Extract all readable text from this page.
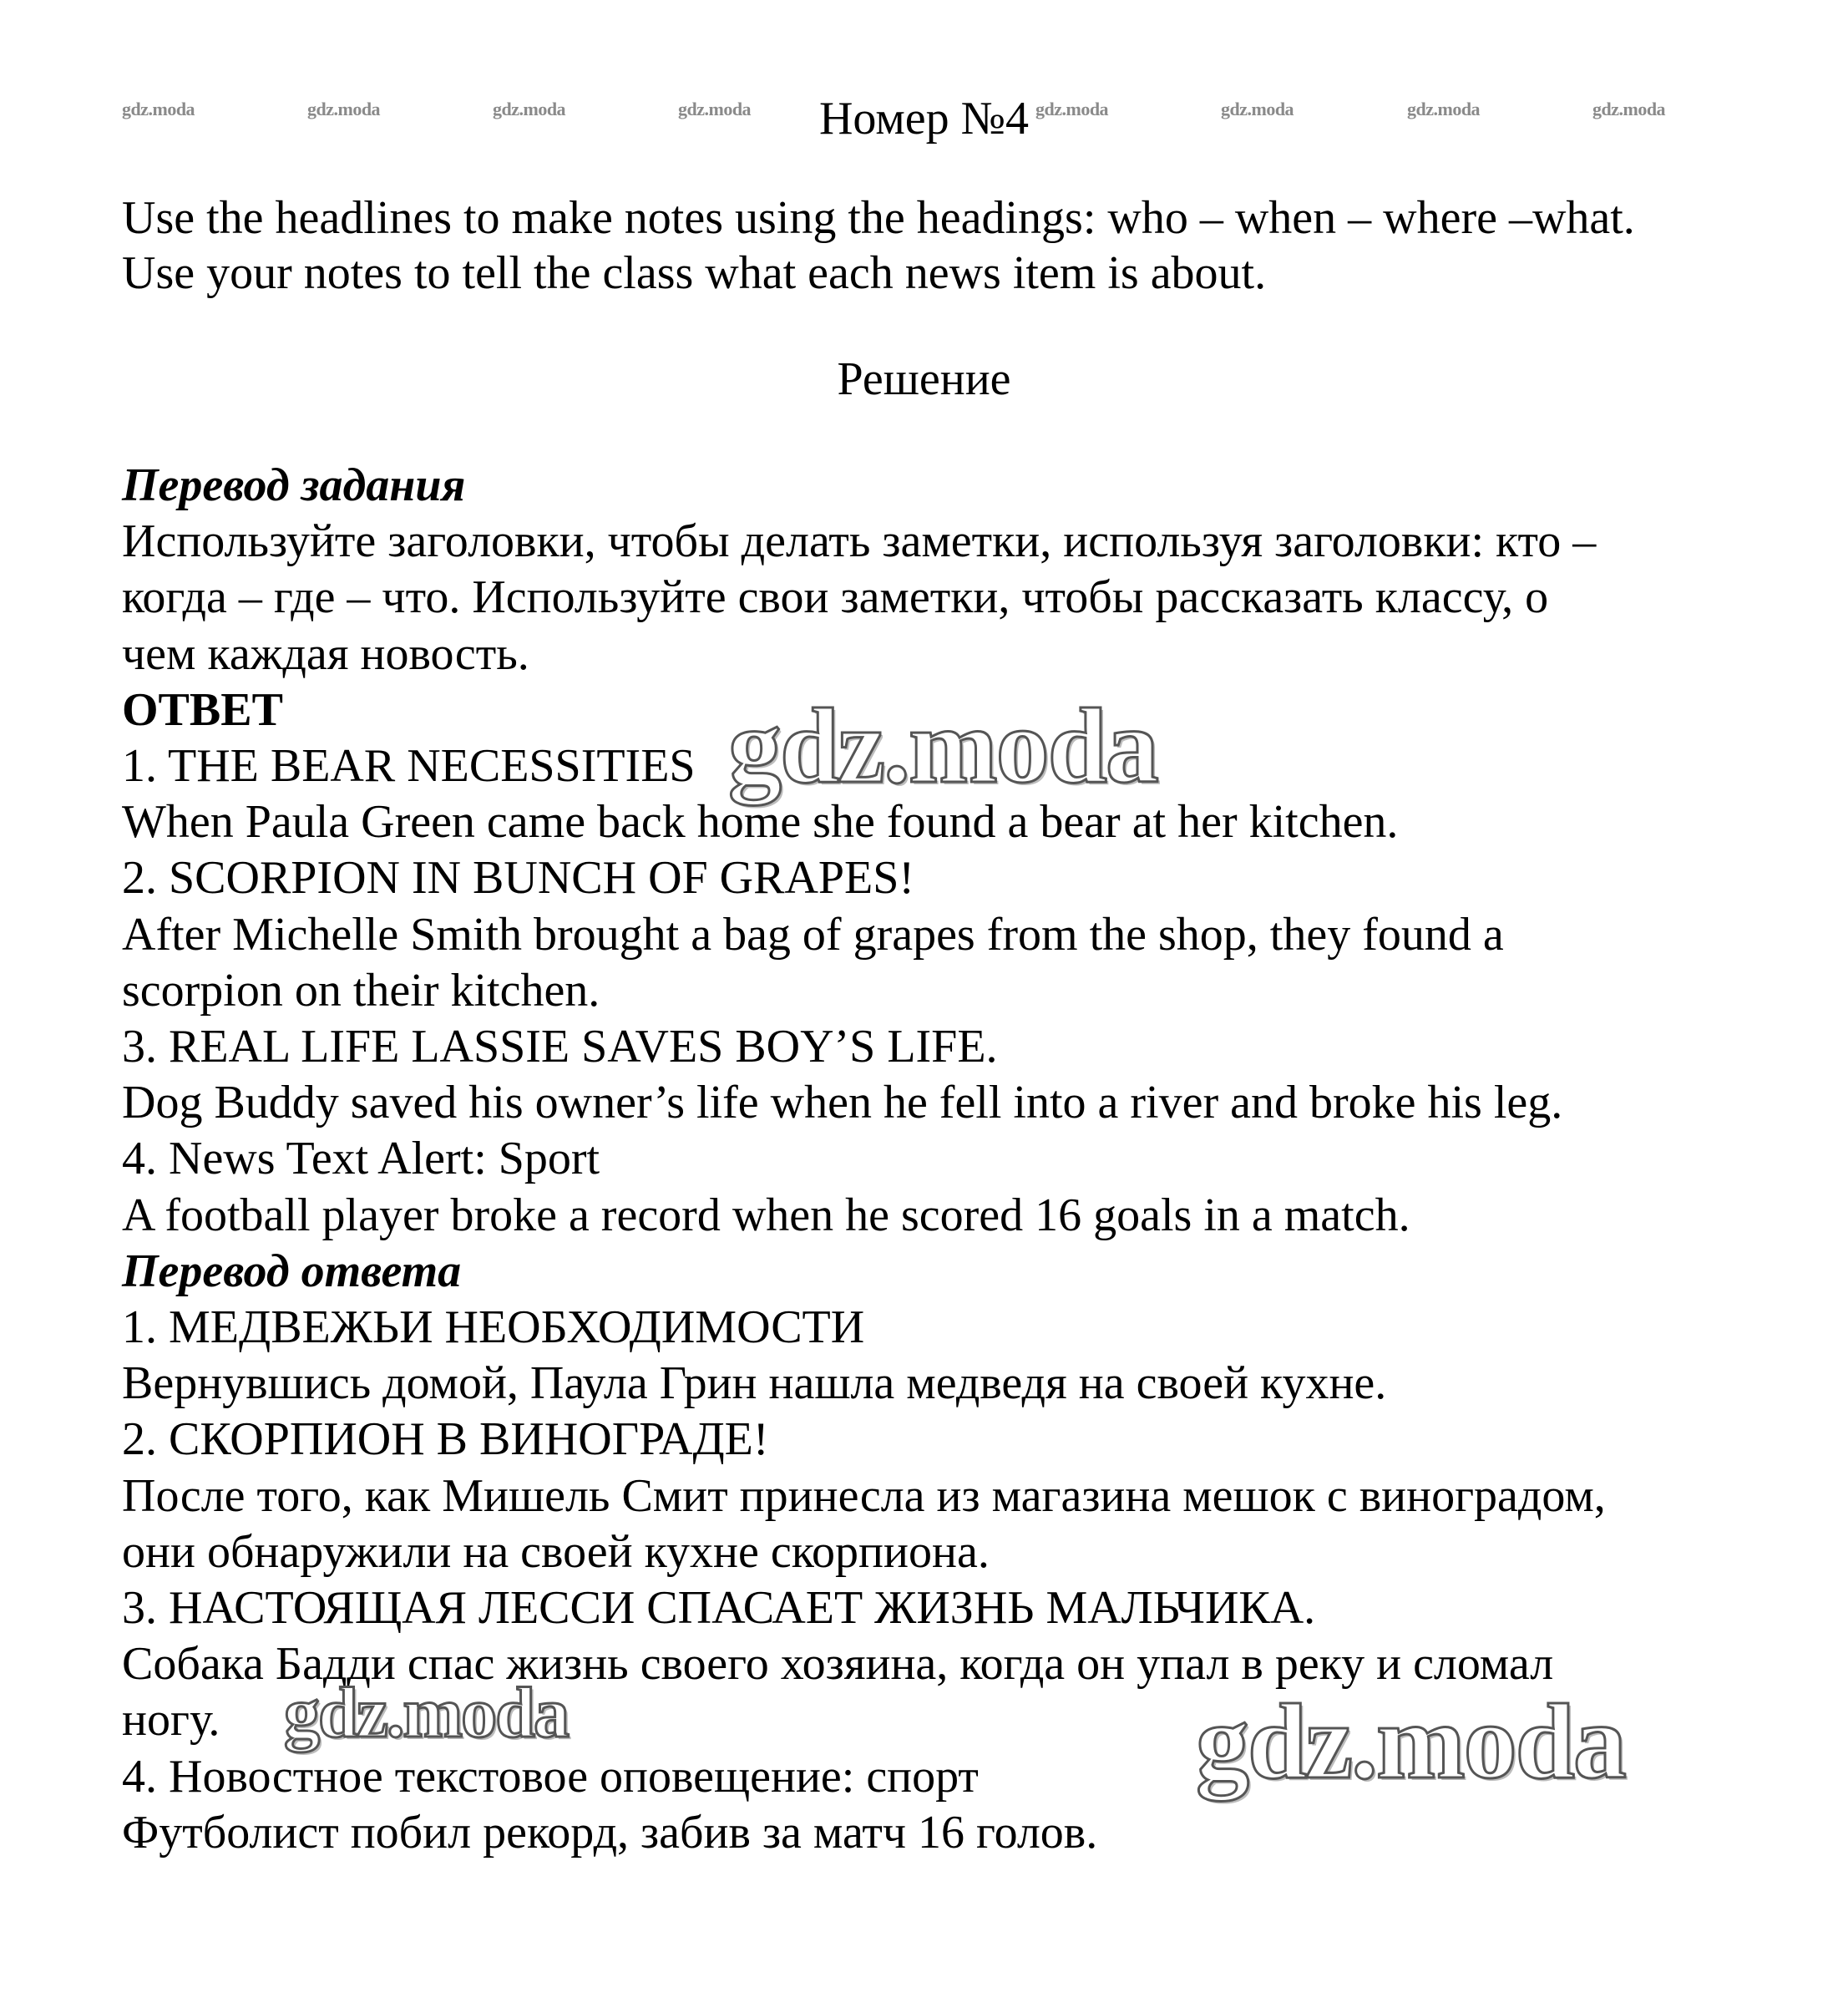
gdz.moda	gdz.moda	gdz.moda	gdz.moda	gdz.moda	gdz.moda	gdz.moda	gdz.moda
Номер №4

Use the headlines to make notes using the headings: who – when – where –what.

Use your notes to tell the class what each news item is about.

Решение

Перевод задания

Используйте заголовки, чтобы делать заметки, используя заголовки: кто –

когда – где – что. Используйте свои заметки, чтобы рассказать классу, о

чем каждая новость.

ОТВЕТ

1. THE BEAR NECESSITIES

When Paula Green came back home she found a bear at her kitchen.

2. SCORPION IN BUNCH OF GRAPES!

After Michelle Smith brought a bag of grapes from the shop, they found a

scorpion on their kitchen.

3. REAL LIFE LASSIE SAVES BOY’S LIFE.

Dog Buddy saved his owner’s life when he fell into a river and broke his leg.

4. News Text Alert: Sport

A football player broke a record when he scored 16 goals in a match.

Перевод ответа

1. МЕДВЕЖЬИ НЕОБХОДИМОСТИ

Вернувшись домой, Паула Грин нашла медведя на своей кухне.

2. СКОРПИОН В ВИНОГРАДЕ!

После того, как Мишель Смит принесла из магазина мешок с виноградом,

они обнаружили на своей кухне скорпиона.

3. НАСТОЯЩАЯ ЛЕССИ СПАСАЕТ ЖИЗНЬ МАЛЬЧИКА.

Собака Бадди спас жизнь своего хозяина, когда он упал в реку и сломал

ногу.

4. Новостное текстовое оповещение: спорт

Футболист побил рекорд, забив за матч 16 голов.

gdz.moda
gdz.moda	gdz.moda
